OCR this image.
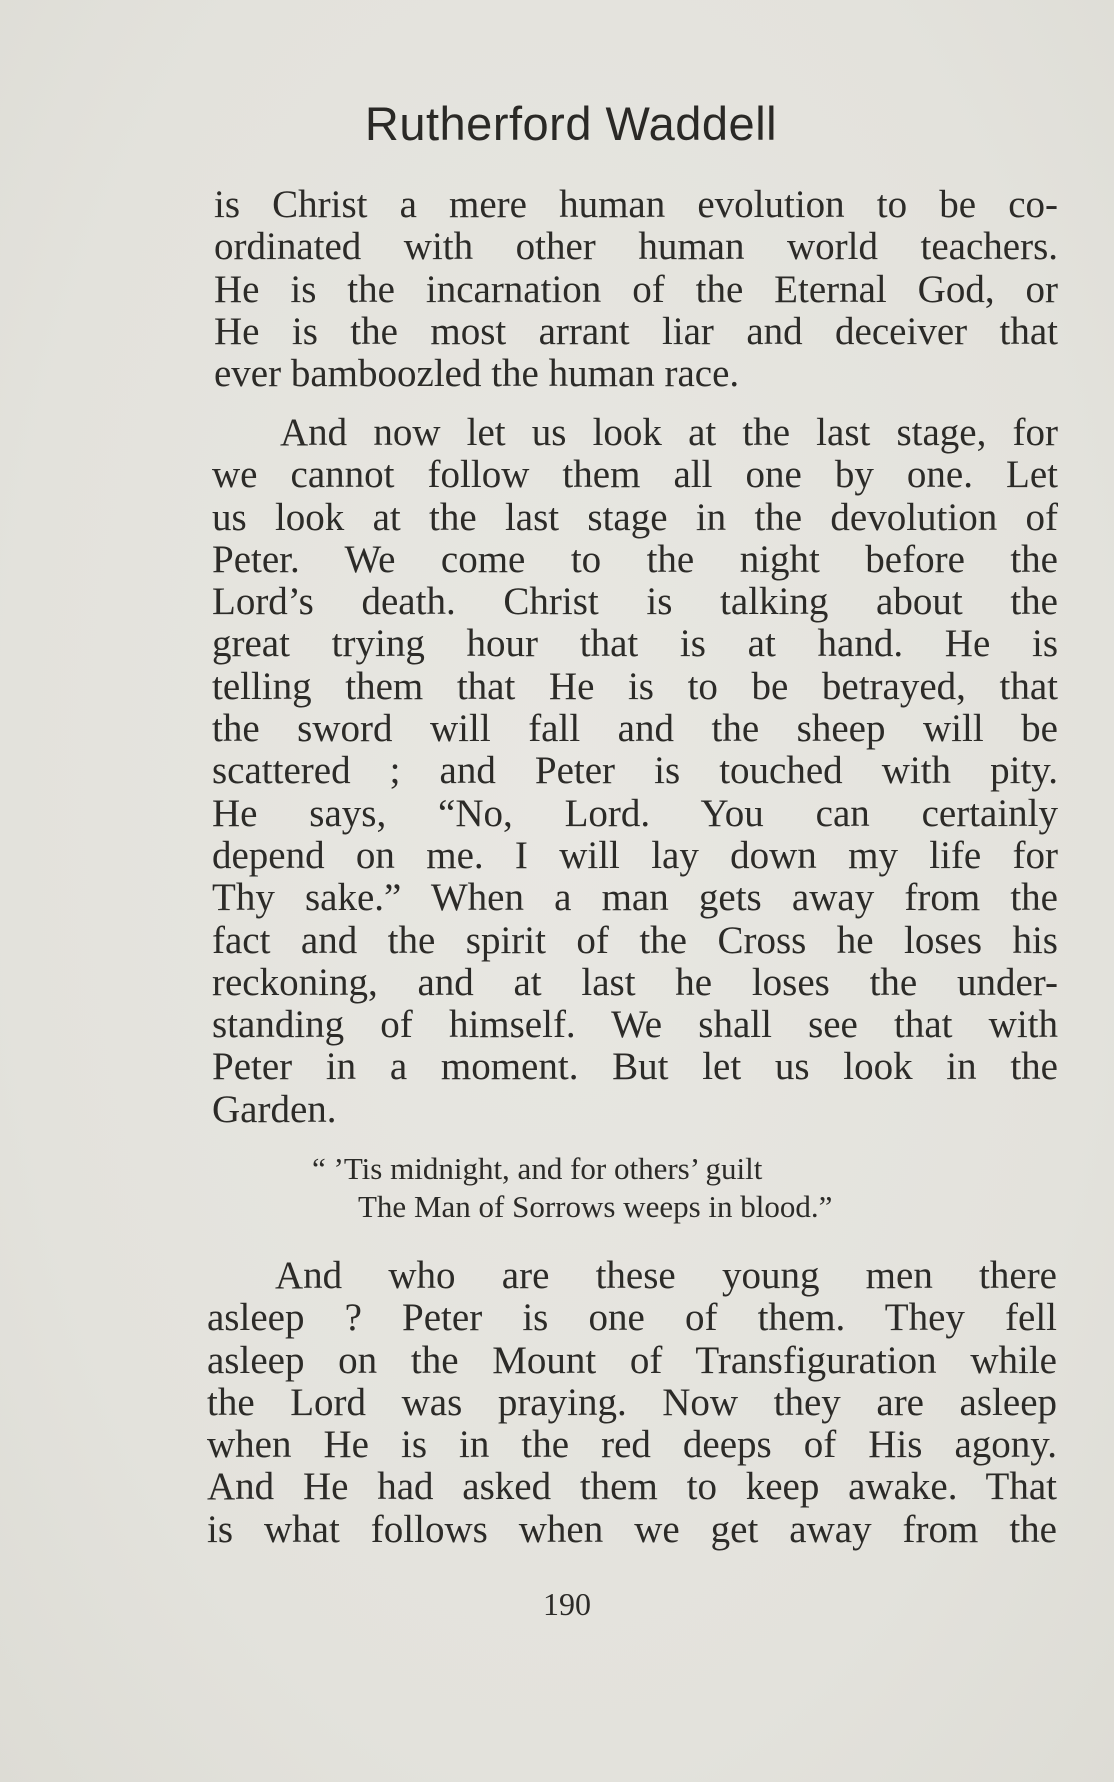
Rutherford Waddell
is Christ a mere human evolution to be co-
ordinated with other human world teachers.
He is the incarnation of the Eternal God, or
He is the most arrant liar and deceiver that
ever bamboozled the human race.
And now let us look at the last stage, for
we cannot follow them all one by one. Let
us look at the last stage in the devolution of
Peter. We come to the night before the
Lord’s death. Christ is talking about the
great trying hour that is at hand. He is
telling them that He is to be betrayed, that
the sword will fall and the sheep will be
scattered ; and Peter is touched with pity.
He says, “No, Lord. You can certainly
depend on me. I will lay down my life for
Thy sake.” When a man gets away from the
fact and the spirit of the Cross he loses his
reckoning, and at last he loses the under-
standing of himself. We shall see that with
Peter in a moment. But let us look in the
Garden.
“ ’Tis midnight, and for others’ guilt
The Man of Sorrows weeps in blood.”
And who are these young men there
asleep ? Peter is one of them. They fell
asleep on the Mount of Transfiguration while
the Lord was praying. Now they are asleep
when He is in the red deeps of His agony.
And He had asked them to keep awake. That
is what follows when we get away from the
190
